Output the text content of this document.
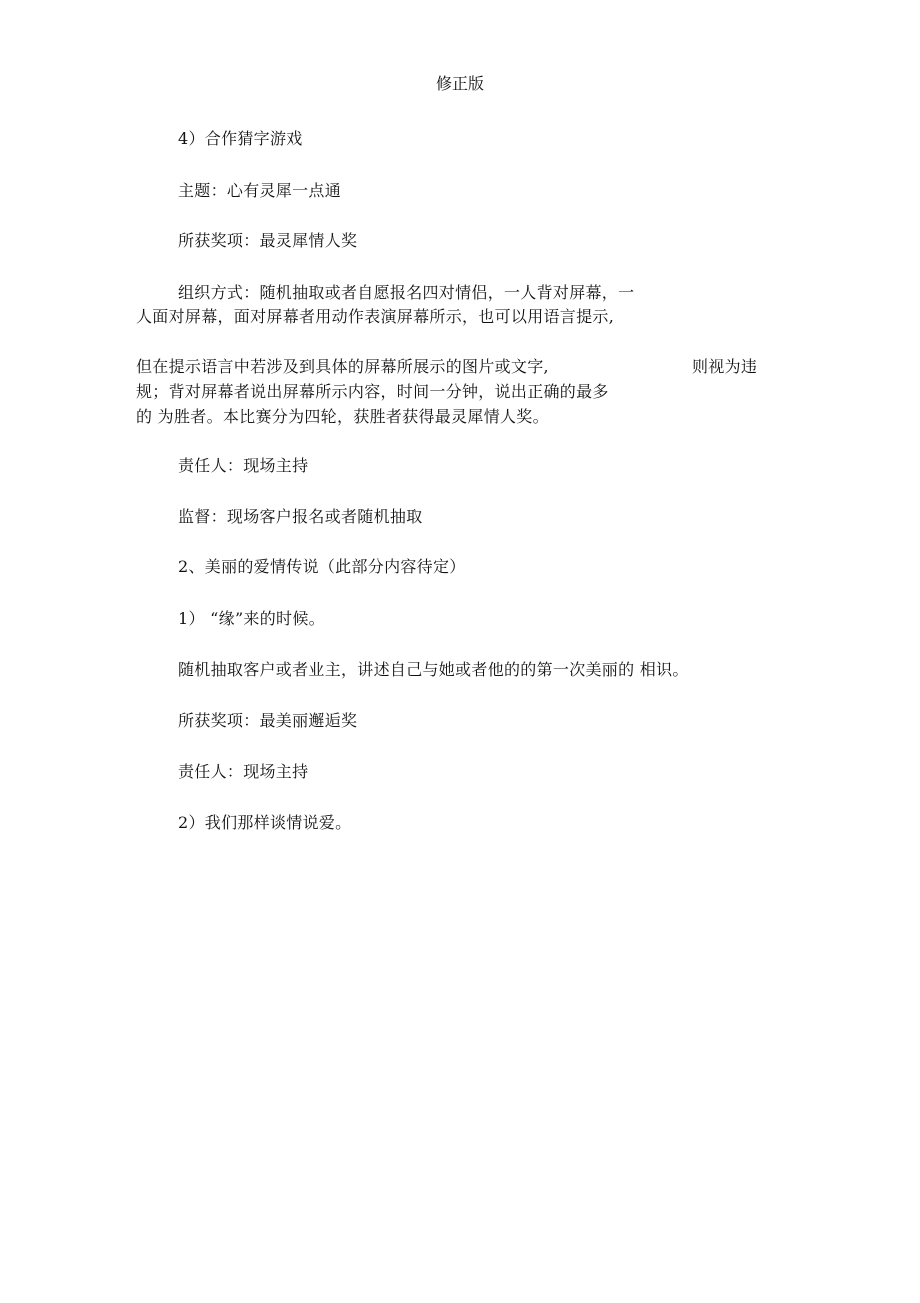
修正版
4）合作猜字游戏
主题：心有灵犀一点通
所获奖项：最灵犀情人奖
组织方式：随机抽取或者自愿报名四对情侣，一人背对屏幕，一
人面对屏幕，面对屏幕者用动作表演屏幕所示，也可以用语言提示,
但在提示语言中若涉及到具体的屏幕所展示的图片或文字,	则视为违
规；背对屏幕者说出屏幕所示内容，时间一分钟，说出正确的最多
的 为胜者。本比赛分为四轮，获胜者获得最灵犀情人奖。
责任人：现场主持
监督：现场客户报名或者随机抽取
2、美丽的爱情传说（此部分内容待定）
1） “缘”来的时候。
随机抽取客户或者业主，讲述自己与她或者他的的第一次美丽的 相识。
所获奖项：最美丽邂逅奖
责任人：现场主持
2）我们那样谈情说爱。
